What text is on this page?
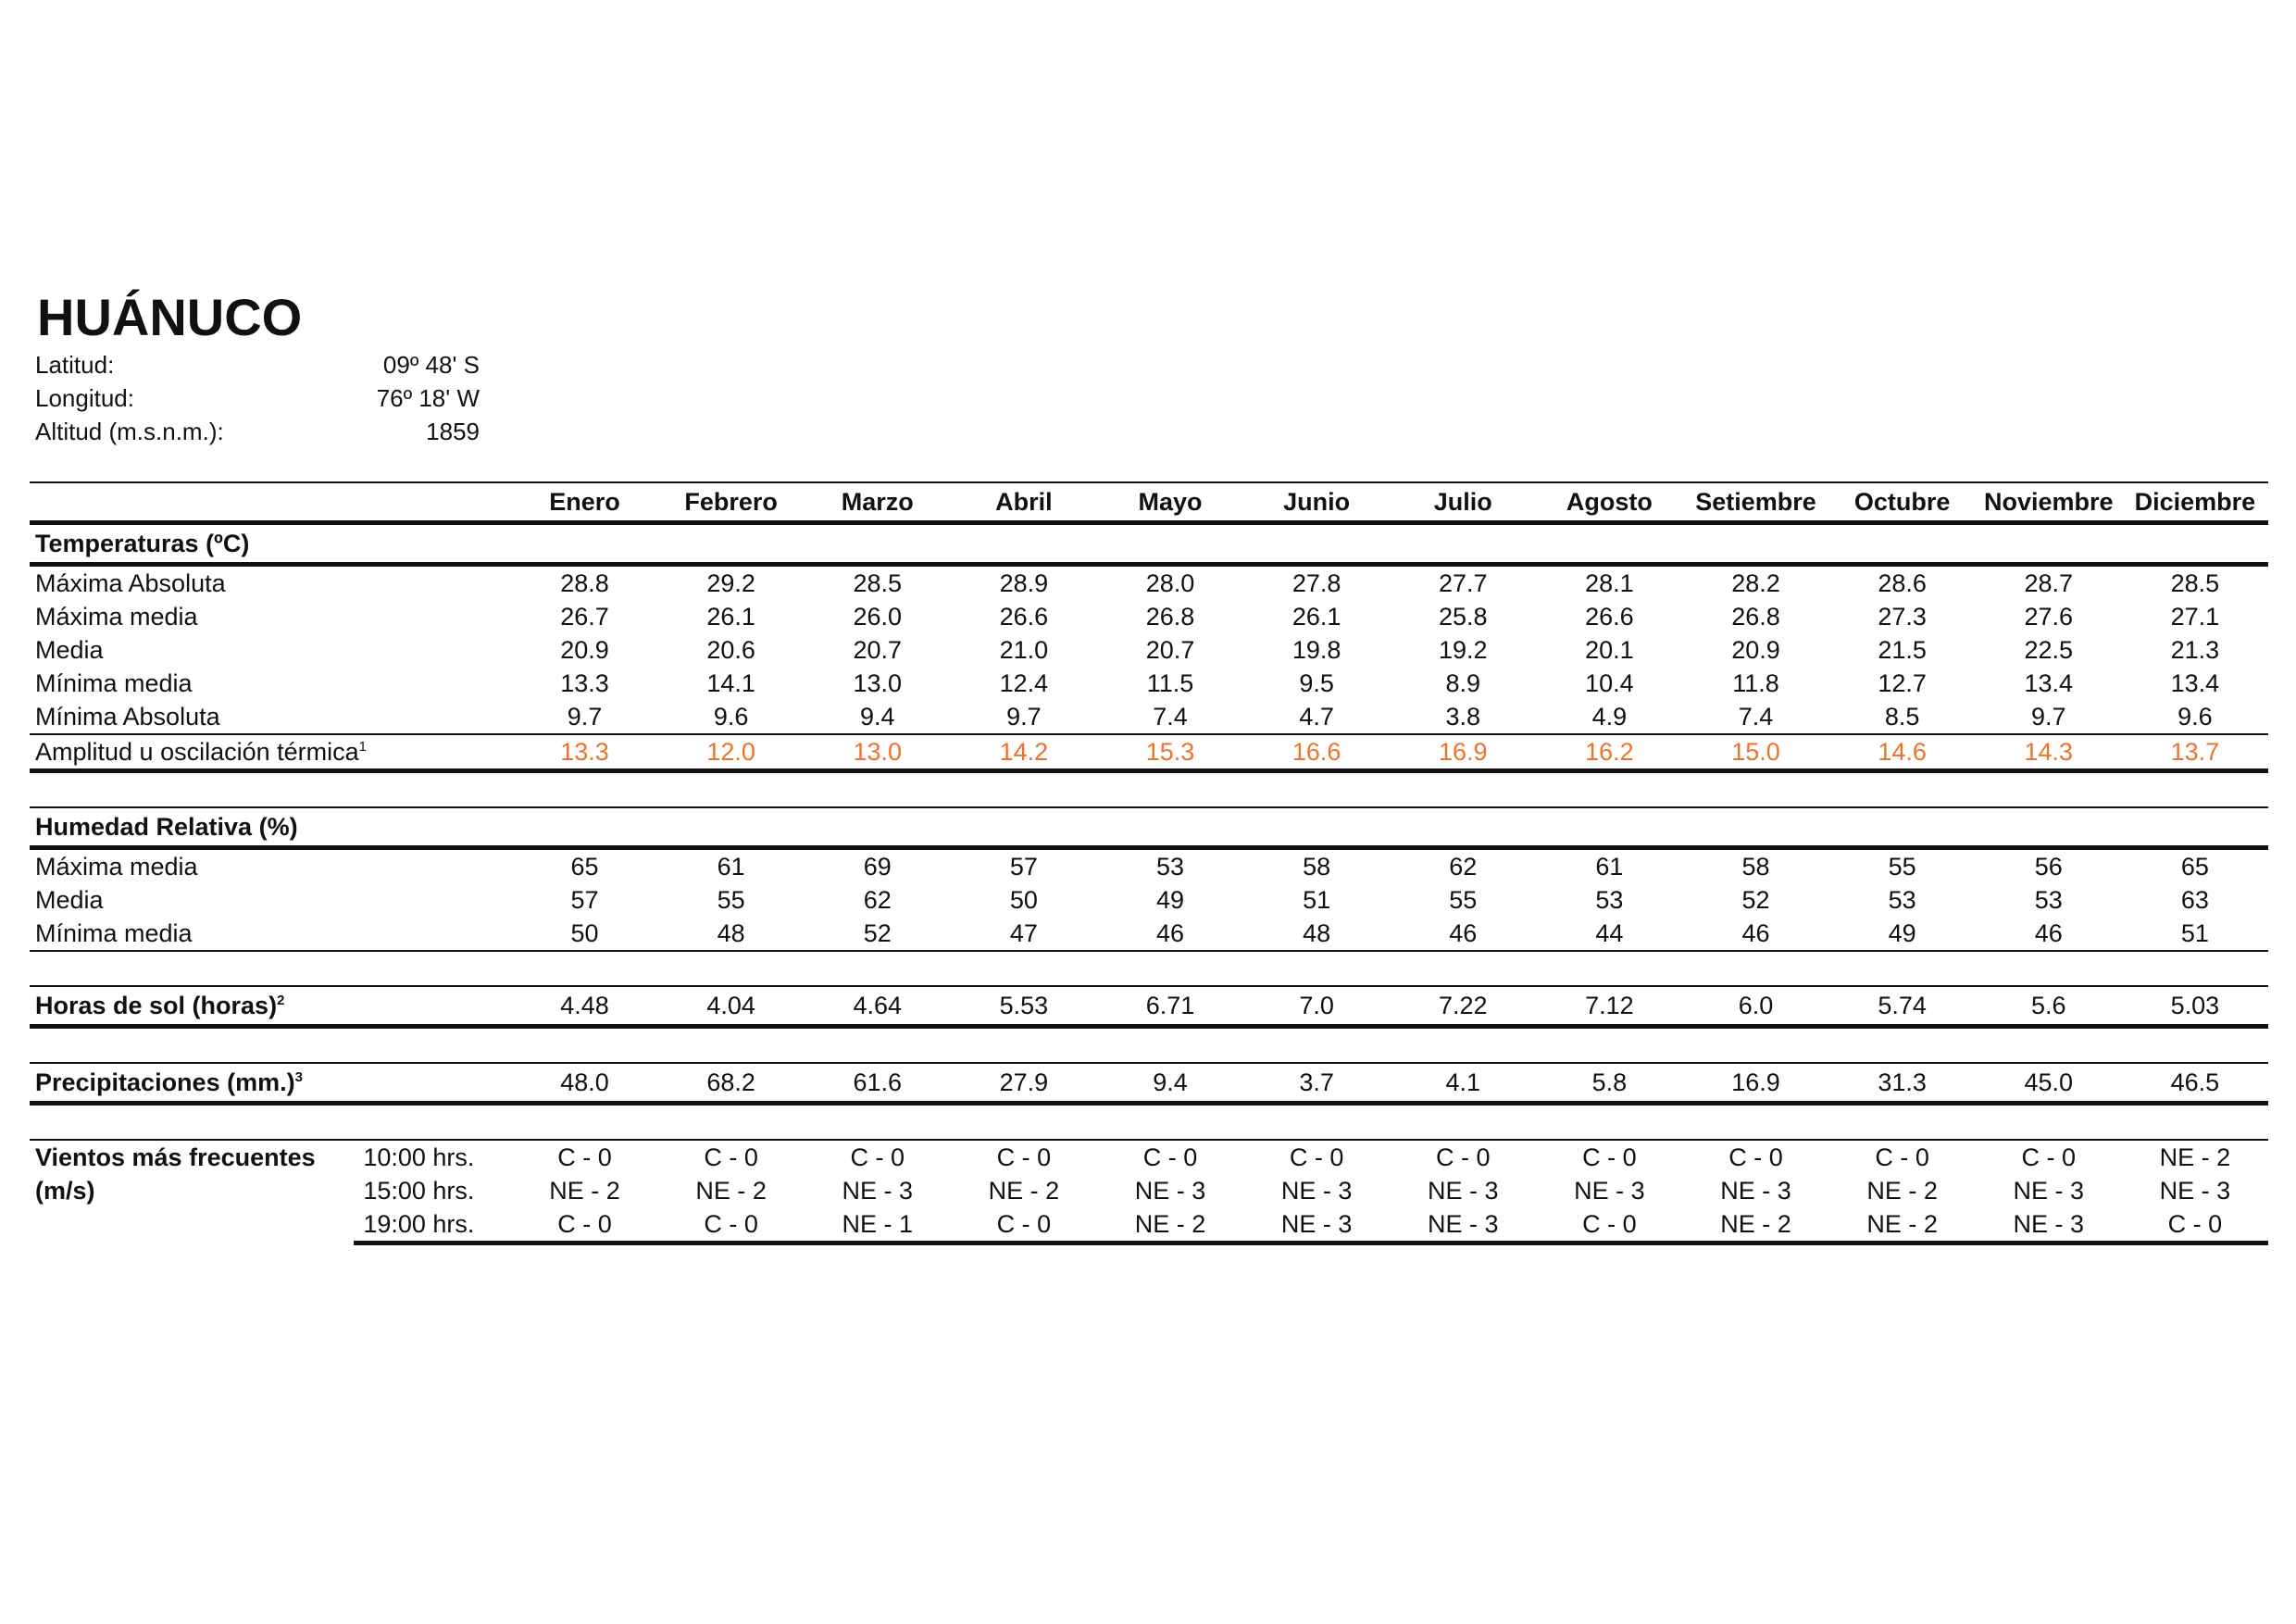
HUÁNUCO
Latitud:	09º 48' S
Longitud:	76º 18' W
Altitud (m.s.n.m.):	1859
		Enero	Febrero	Marzo	Abril	Mayo	Junio	Julio	Agosto	Setiembre	Octubre	Noviembre	Diciembre
Temperaturas (ºC)													
Máxima Absoluta		28.8	29.2	28.5	28.9	28.0	27.8	27.7	28.1	28.2	28.6	28.7	28.5
Máxima media		26.7	26.1	26.0	26.6	26.8	26.1	25.8	26.6	26.8	27.3	27.6	27.1
Media		20.9	20.6	20.7	21.0	20.7	19.8	19.2	20.1	20.9	21.5	22.5	21.3
Mínima media		13.3	14.1	13.0	12.4	11.5	9.5	8.9	10.4	11.8	12.7	13.4	13.4
Mínima Absoluta		9.7	9.6	9.4	9.7	7.4	4.7	3.8	4.9	7.4	8.5	9.7	9.6
Amplitud u oscilación térmica$^1$		13.3	12.0	13.0	14.2	15.3	16.6	16.9	16.2	15.0	14.6	14.3	13.7

Humedad Relativa (%)													
Máxima media		65	61	69	57	53	58	62	61	58	55	56	65
Media		57	55	62	50	49	51	55	53	52	53	53	63
Mínima media		50	48	52	47	46	48	46	44	46	49	46	51

Horas de sol (horas)$^2$		4.48	4.04	4.64	5.53	6.71	7.0	7.22	7.12	6.0	5.74	5.6	5.03

Precipitaciones $(mm.)^3$		48.0	68.2	61.6	27.9	9.4	3.7	4.1	5.8	16.9	31.3	45.0	46.5

Vientos más frecuentes (m/s)	10:00 hrs.	C - 0	C - 0	C - 0	C - 0	C - 0	C - 0	C - 0	C - 0	C - 0	C - 0	C - 0	NE - 2
	15:00 hrs.	NE - 2	NE - 2	NE - 3	NE - 2	NE - 3	NE - 3	NE - 3	NE - 3	NE - 3	NE - 2	NE - 3	NE - 3
	19:00 hrs.	C - 0	C - 0	NE - 1	C - 0	NE - 2	NE - 3	NE - 3	C - 0	NE - 2	NE - 2	NE - 3	C - 0
